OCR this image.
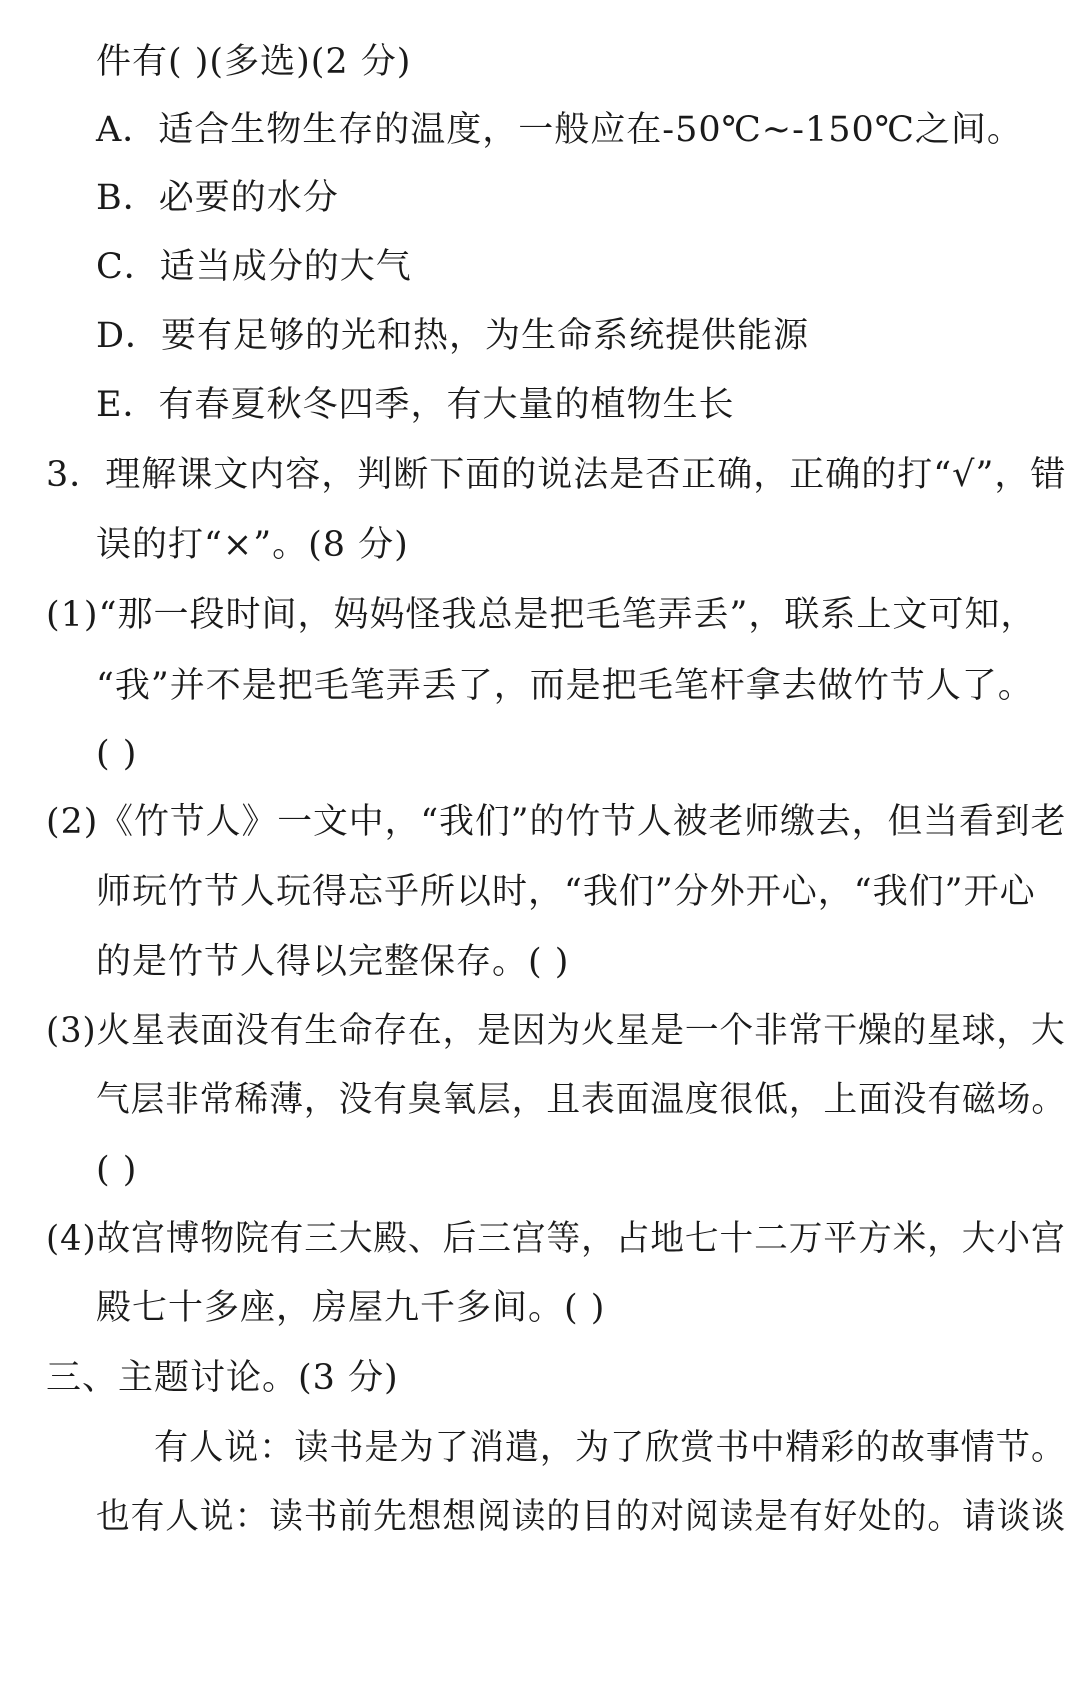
件有( )(多选)(2 分)
A．适合生物生存的温度，一般应在-50℃~-150℃之间。
B．必要的水分
C．适当成分的大气
D．要有足够的光和热，为生命系统提供能源
E．有春夏秋冬四季，有大量的植物生长
3．理解课文内容，判断下面的说法是否正确，正确的打“√”，错
误的打“×”。(8 分)
(1)“那一段时间，妈妈怪我总是把毛笔弄丢”，联系上文可知，
“我”并不是把毛笔弄丢了，而是把毛笔杆拿去做竹节人了。
( )
(2)《竹节人》一文中，“我们”的竹节人被老师缴去，但当看到老
师玩竹节人玩得忘乎所以时，“我们”分外开心，“我们”开心
的是竹节人得以完整保存。( )
(3)火星表面没有生命存在，是因为火星是一个非常干燥的星球，大
气层非常稀薄，没有臭氧层，且表面温度很低，上面没有磁场。
( )
(4)故宫博物院有三大殿、后三宫等，占地七十二万平方米，大小宫
殿七十多座，房屋九千多间。( )
三、主题讨论。(3 分)
有人说：读书是为了消遣，为了欣赏书中精彩的故事情节。
也有人说：读书前先想想阅读的目的对阅读是有好处的。请谈谈
